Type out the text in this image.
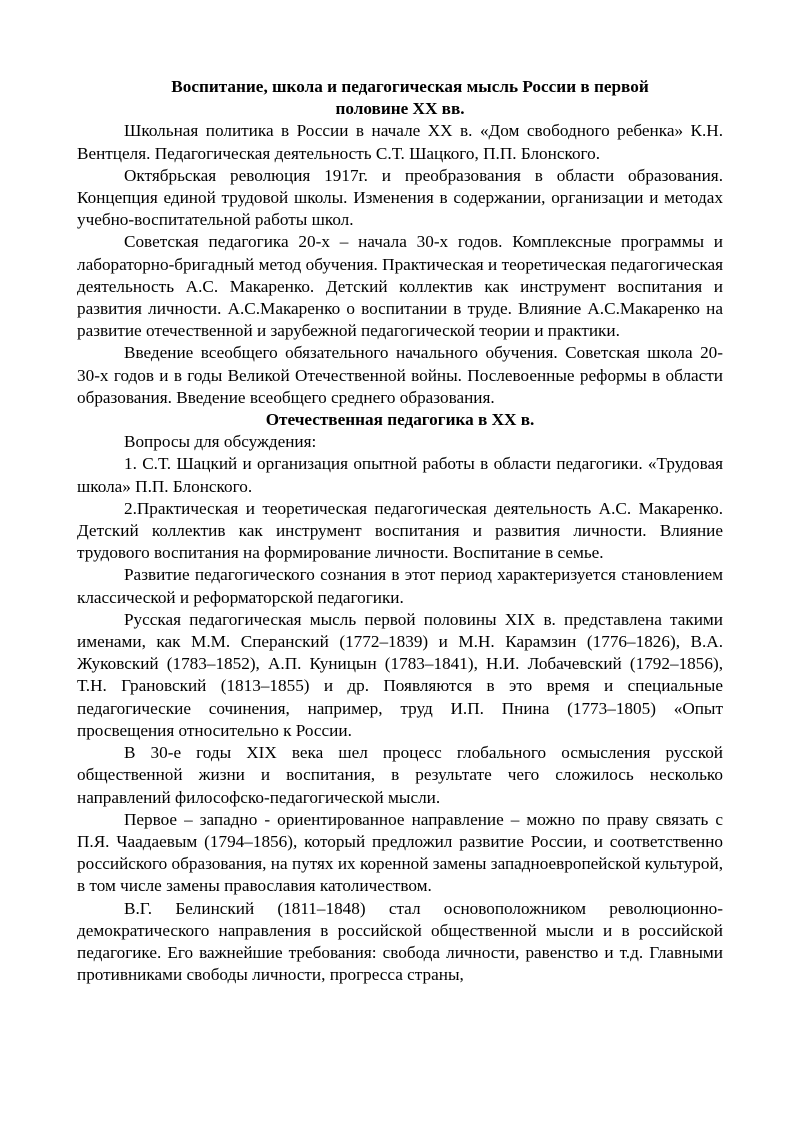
Воспитание, школа и педагогическая мысль России в первой

половине XX вв.

Школьная политика в России в начале XX в. «Дом свободного ребенка» К.Н. Вентцеля. Педагогическая деятельность С.Т. Шацкого, П.П. Блонского.

Октябрьская революция 1917г. и преобразования в области образования. Концепция единой трудовой школы. Изменения в содержании, организации и методах учебно-воспитательной работы школ.

Советская педагогика 20-х – начала 30-х годов. Комплексные программы и лабораторно-бригадный метод обучения. Практическая и теоретическая педагогическая деятельность А.С. Макаренко. Детский коллектив как инструмент воспитания и развития личности. А.С.Макаренко о воспитании в труде. Влияние А.С.Макаренко на развитие отечественной и зарубежной педагогической теории и практики.

Введение всеобщего обязательного начального обучения. Советская школа 20-30-х годов и в годы Великой Отечественной войны. Послевоенные реформы в области образования. Введение всеобщего среднего образования.

Отечественная педагогика в XX в.

Вопросы для обсуждения:

1. С.Т. Шацкий и организация опытной работы в области педагогики. «Трудовая школа» П.П. Блонского.

2.Практическая и теоретическая педагогическая деятельность А.С. Макаренко. Детский коллектив как инструмент воспитания и развития личности. Влияние трудового воспитания на формирование личности. Воспитание в семье.

Развитие педагогического сознания в этот период характеризуется становлением классической и реформаторской педагогики.

Русская педагогическая мысль первой половины XIX в. представлена такими именами, как М.М. Сперанский (1772–1839) и М.Н. Карамзин (1776–1826), В.А. Жуковский (1783–1852), А.П. Куницын (1783–1841), Н.И. Лобачевский (1792–1856), Т.Н. Грановский (1813–1855) и др. Появляются в это время и специальные педагогические сочинения, например, труд И.П. Пнина (1773–1805) «Опыт просвещения относительно к России.

В 30-е годы XIX века шел процесс глобального осмысления русской общественной жизни и воспитания, в результате чего сложилось несколько направлений философско-педагогической мысли.

Первое – западно - ориентированное направление – можно по праву связать с П.Я. Чаадаевым (1794–1856), который предложил развитие России, и соответственно российского образования, на путях их коренной замены западноевропейской культурой, в том числе замены православия католичеством.

В.Г. Белинский (1811–1848) стал основоположником революционно-демократического направления в российской общественной мысли и в российской педагогике. Его важнейшие требования: свобода личности, равенство и т.д. Главными противниками свободы личности, прогресса страны,
